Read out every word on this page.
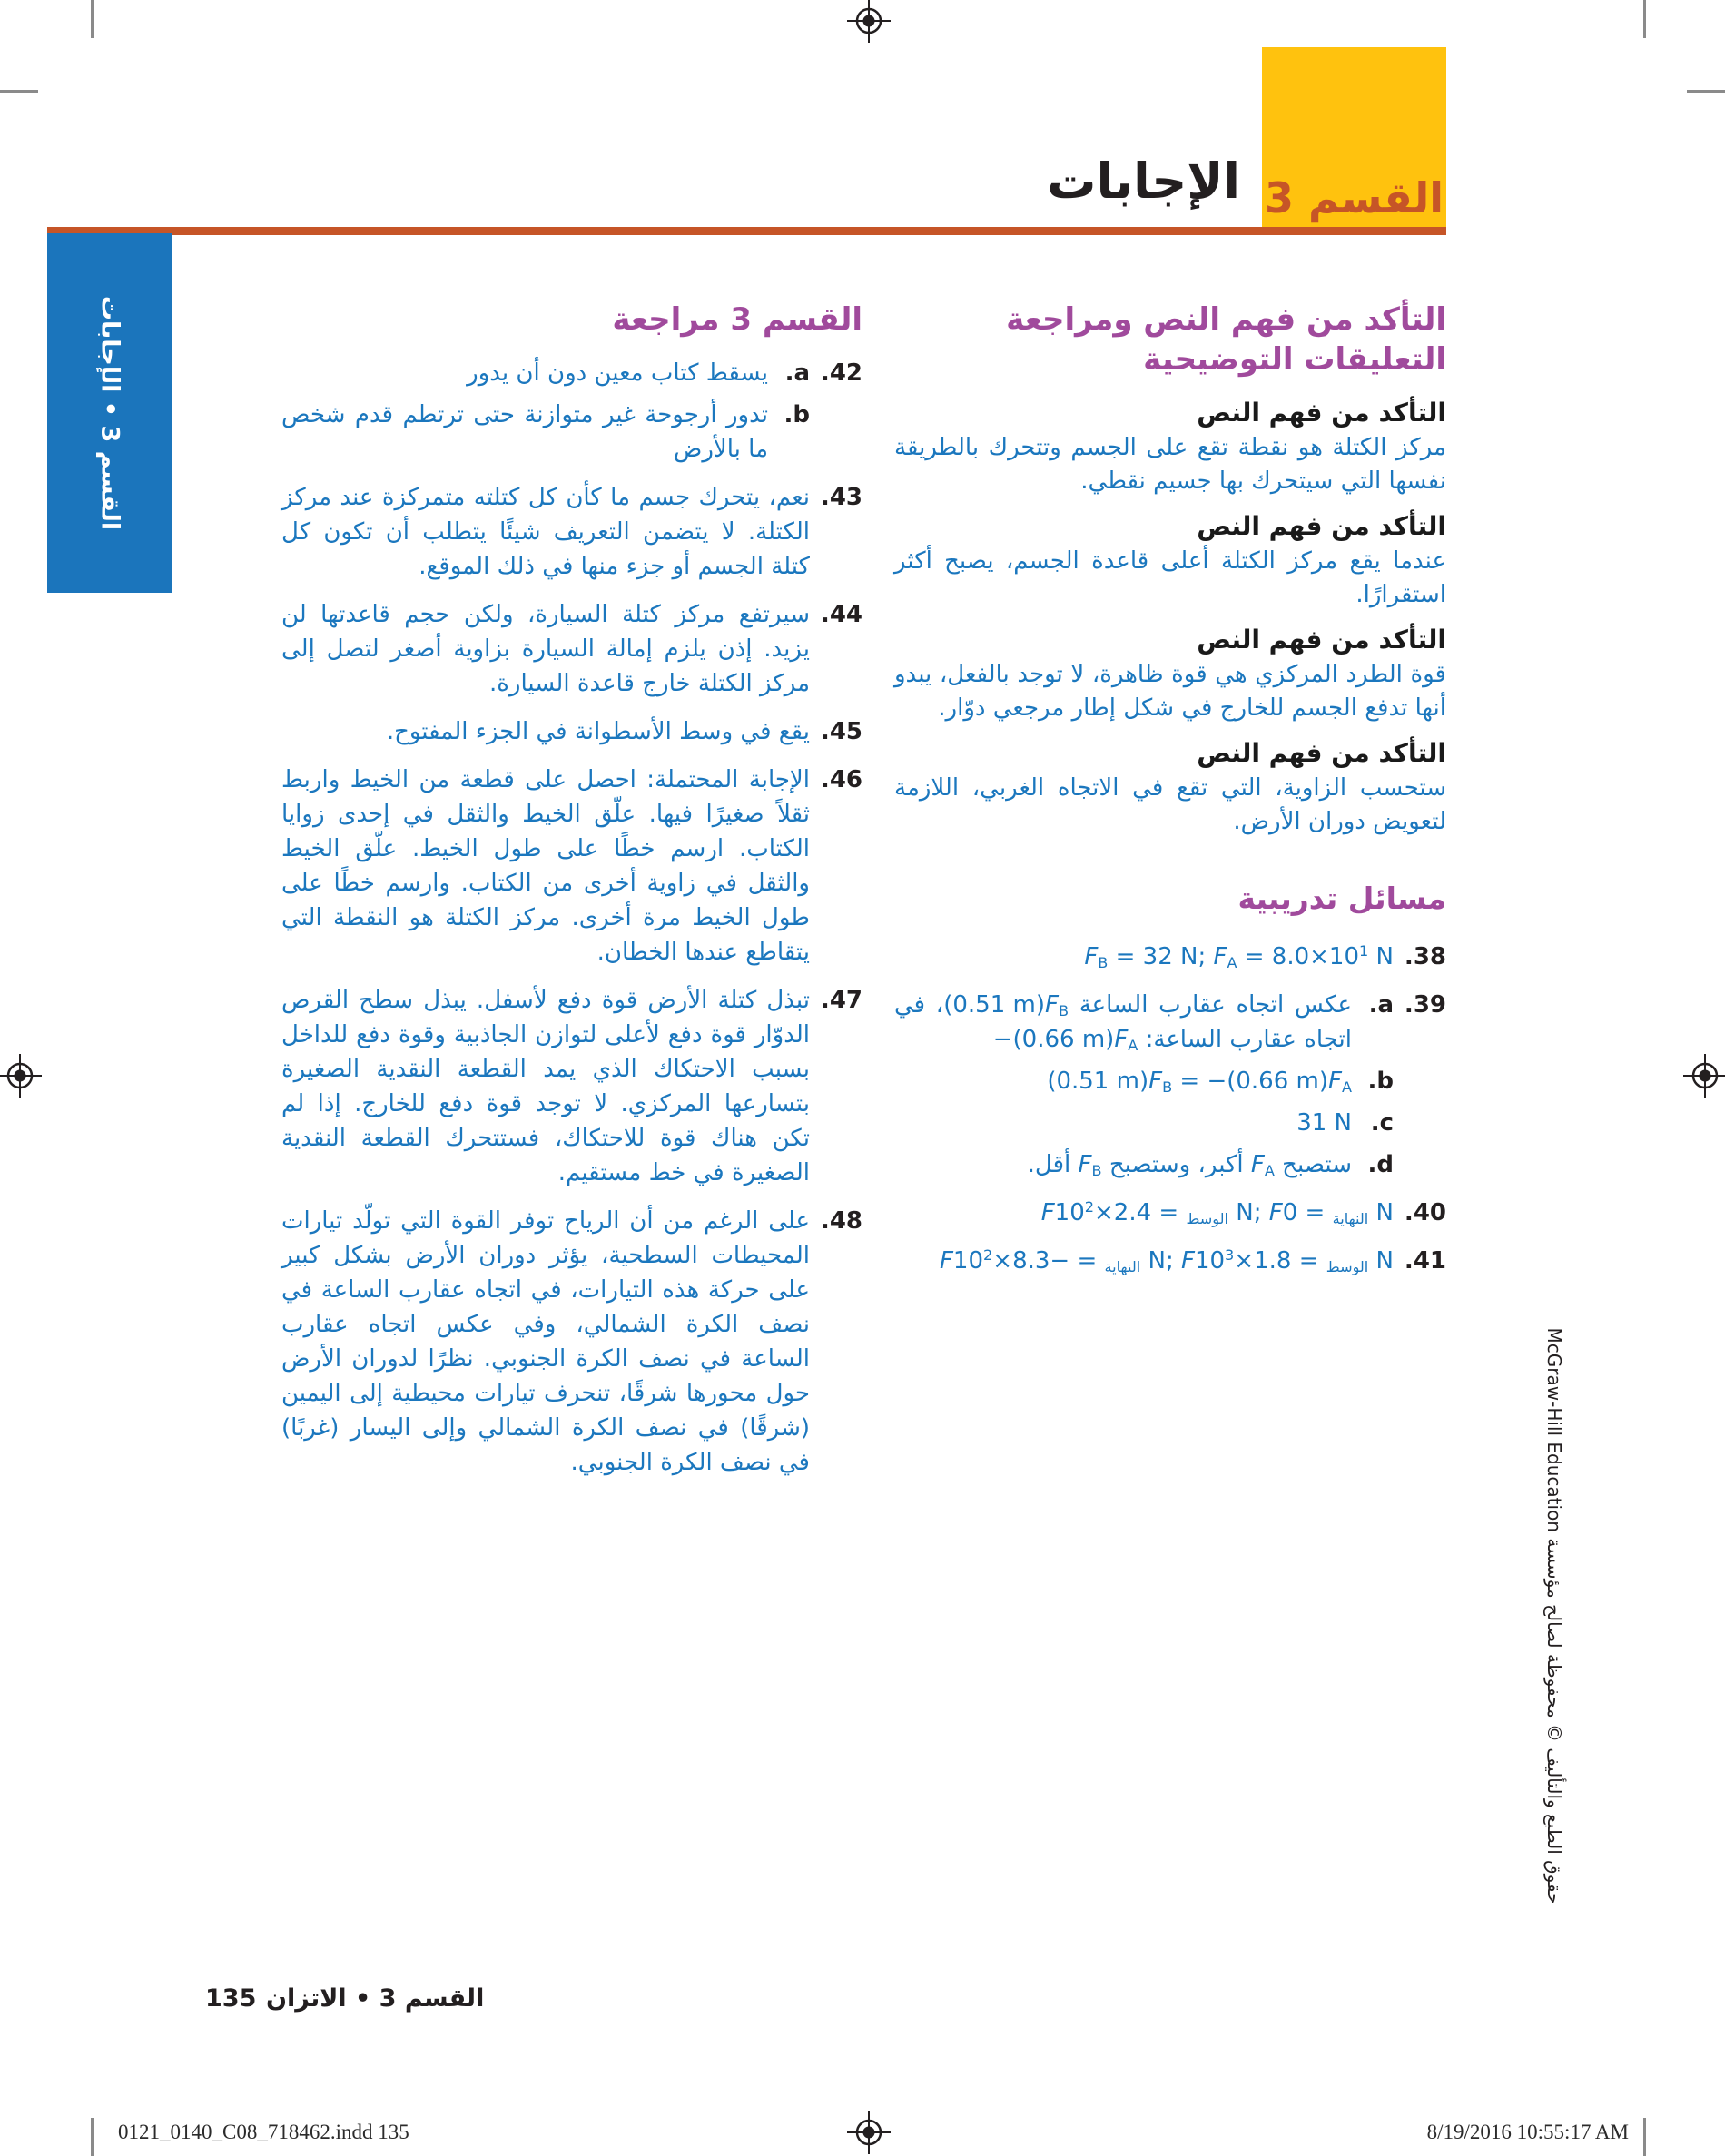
القسم 3
الإجابات
القسم 3 • الإجابات
التأكد من فهم النص ومراجعة التعليقات التوضيحية
التأكد من فهم النص
مركز الكتلة هو نقطة تقع على الجسم وتتحرك بالطريقة نفسها التي سيتحرك بها جسيم نقطي.
التأكد من فهم النص
عندما يقع مركز الكتلة أعلى قاعدة الجسم، يصبح أكثر استقرارًا.
التأكد من فهم النص
قوة الطرد المركزي هي قوة ظاهرة، لا توجد بالفعل، يبدو أنها تدفع الجسم للخارج في شكل إطار مرجعي دوّار.
التأكد من فهم النص
ستحسب الزاوية، التي تقع في الاتجاه الغربي، اللازمة لتعويض دوران الأرض.
مسائل تدريبية
38.
$F_B = 32$ N; $F_A = 8.0\times 10^1$ N
39.
a.
عكس اتجاه عقارب الساعة (0.51 $m)F_B،$ في اتجاه عقارب الساعة: −(0.66 $m)F_A$
b.
(0.51 $m)F_B = -(0.66$ $m)F_A$
c.
31 N
d.
ستصبح $F_A$ أكبر، وستصبح $F_B$ أقل.
40.
F	$_{الوسط} = 2.4\times 10^2$	N; F	$_{النهاية}$ = 0 N
41.
F	$_{النهاية} = -8.3\times 10^2$	N; F	$_{الوسط} = 1.8\times 10^3$	N
القسم 3 مراجعة
42.
a.
يسقط كتاب معين دون أن يدور
b.
تدور أرجوحة غير متوازنة حتى ترتطم قدم شخص ما بالأرض
43.
نعم، يتحرك جسم ما كأن كل كتلته متمركزة عند مركز الكتلة. لا يتضمن التعريف شيئًا يتطلب أن تكون كل كتلة الجسم أو جزء منها في ذلك الموقع.
44.
سيرتفع مركز كتلة السيارة، ولكن حجم قاعدتها لن يزيد. إذن يلزم إمالة السيارة بزاوية أصغر لتصل إلى مركز الكتلة خارج قاعدة السيارة.
45.
يقع في وسط الأسطوانة في الجزء المفتوح.
46.
الإجابة المحتملة: احصل على قطعة من الخيط واربط ثقلاً صغيرًا فيها. علّق الخيط والثقل في إحدى زوايا الكتاب. ارسم خطًا على طول الخيط. علّق الخيط والثقل في زاوية أخرى من الكتاب. وارسم خطًا على طول الخيط مرة أخرى. مركز الكتلة هو النقطة التي يتقاطع عندها الخطان.
47.
تبذل كتلة الأرض قوة دفع لأسفل. يبذل سطح القرص الدوّار قوة دفع لأعلى لتوازن الجاذبية وقوة دفع للداخل بسبب الاحتكاك الذي يمد القطعة النقدية الصغيرة بتسارعها المركزي. لا توجد قوة دفع للخارج. إذا لم تكن هناك قوة للاحتكاك، فستتحرك القطعة النقدية الصغيرة في خط مستقيم.
48.
على الرغم من أن الرياح توفر القوة التي تولّد تيارات المحيطات السطحية، يؤثر دوران الأرض بشكل كبير على حركة هذه التيارات، في اتجاه عقارب الساعة في نصف الكرة الشمالي، وفي عكس اتجاه عقارب الساعة في نصف الكرة الجنوبي. نظرًا لدوران الأرض حول محورها شرقًا، تنحرف تيارات محيطية إلى اليمين (شرقًا) في نصف الكرة الشمالي وإلى اليسار (غربًا) في نصف الكرة الجنوبي.	حقوق الطبع والتأليف © محفوظة لصالح مؤسسة McGraw-Hill Education
135 القسم 3 • الاتزان
0121_0140_C08_718462.indd 135	8/19/2016 10:55:17 AM
